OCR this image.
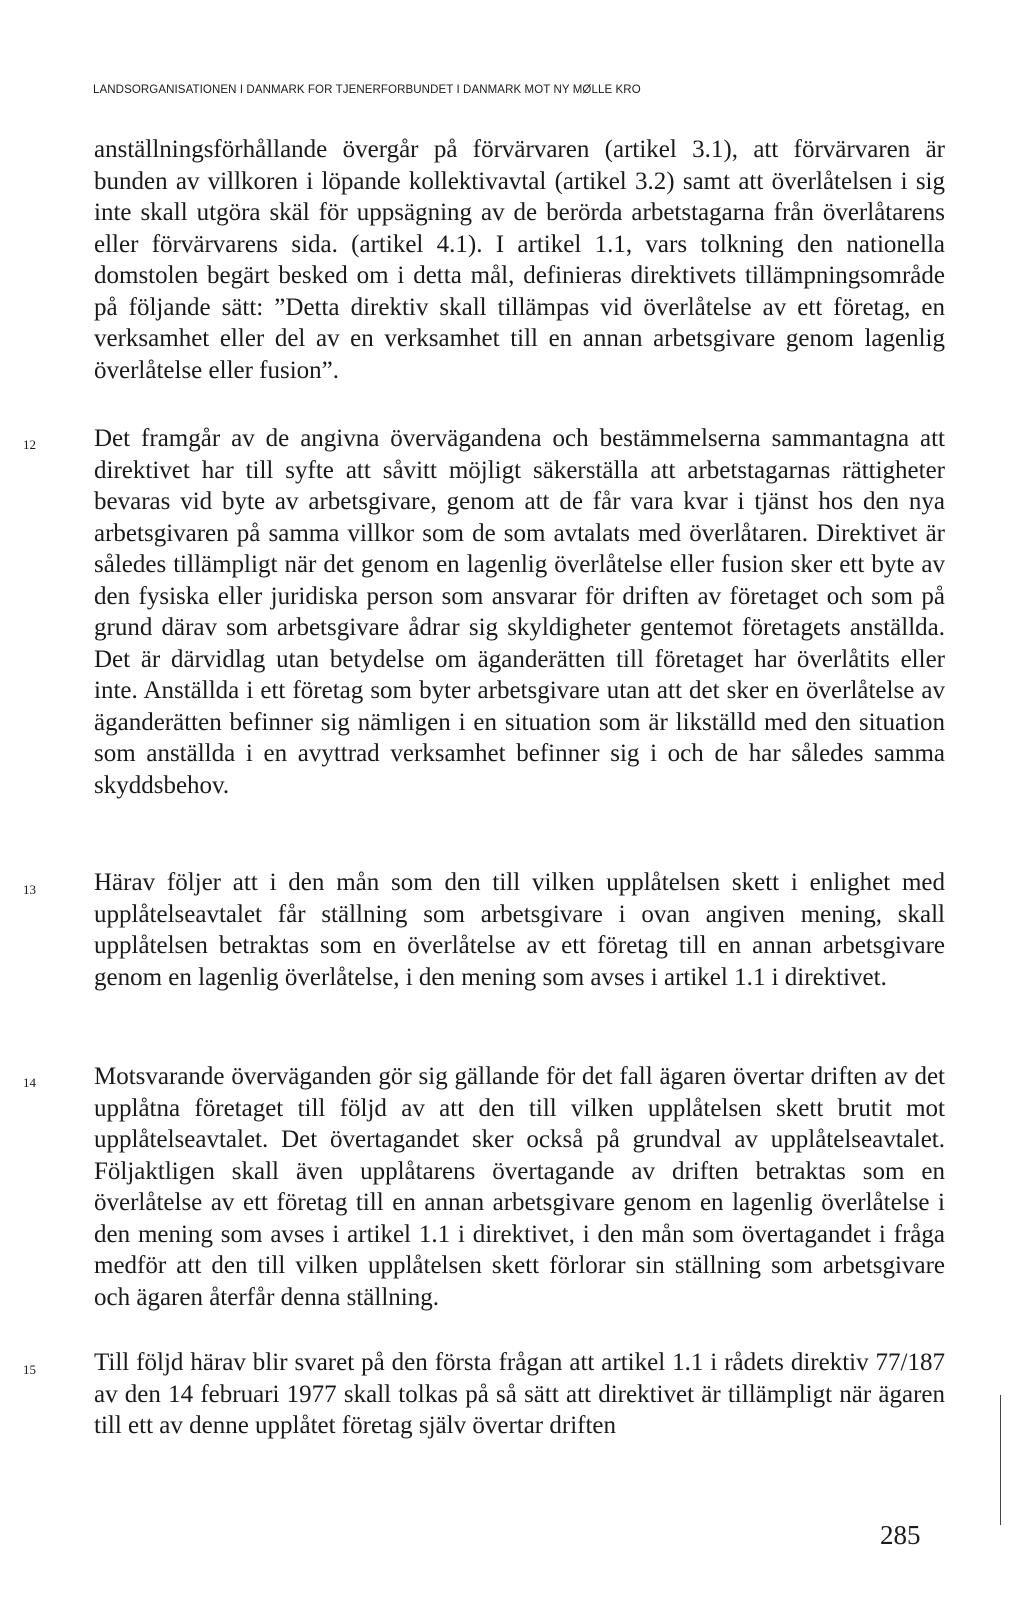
LANDSORGANISATIONEN I DANMARK FOR TJENERFORBUNDET I DANMARK MOT NY MØLLE KRO
anställningsförhållande övergår på förvärvaren (artikel 3.1), att förvärvaren är bunden av villkoren i löpande kollektivavtal (artikel 3.2) samt att överlåtelsen i sig inte skall utgöra skäl för uppsägning av de berörda arbetstagarna från överlåtarens eller förvärvarens sida. (artikel 4.1). I artikel 1.1, vars tolkning den nationella domstolen begärt besked om i detta mål, definieras direktivets tillämpningsområde på följande sätt: ”Detta direktiv skall tillämpas vid överlåtelse av ett företag, en verksamhet eller del av en verksamhet till en annan arbetsgivare genom lagenlig överlåtelse eller fusion”.
12 Det framgår av de angivna övervägandena och bestämmelserna sammantagna att direktivet har till syfte att såvitt möjligt säkerställa att arbetstagarnas rättigheter bevaras vid byte av arbetsgivare, genom att de får vara kvar i tjänst hos den nya arbetsgivaren på samma villkor som de som avtalats med överlåtaren. Direktivet är således tillämpligt när det genom en lagenlig överlåtelse eller fusion sker ett byte av den fysiska eller juridiska person som ansvarar för driften av företaget och som på grund därav som arbetsgivare ådrar sig skyldigheter gentemot företagets anställda. Det är därvidlag utan betydelse om äganderätten till företaget har överlåtits eller inte. Anställda i ett företag som byter arbetsgivare utan att det sker en överlåtelse av äganderätten befinner sig nämligen i en situation som är likställd med den situation som anställda i en avyttrad verksamhet befinner sig i och de har således samma skyddsbehov.
13 Härav följer att i den mån som den till vilken upplåtelsen skett i enlighet med upplåtelseavtalet får ställning som arbetsgivare i ovan angiven mening, skall upplåtelsen betraktas som en överlåtelse av ett företag till en annan arbetsgivare genom en lagenlig överlåtelse, i den mening som avses i artikel 1.1 i direktivet.
14 Motsvarande överväganden gör sig gällande för det fall ägaren övertar driften av det upplåtna företaget till följd av att den till vilken upplåtelsen skett brutit mot upplåtelseavtalet. Det övertagandet sker också på grundval av upplåtelseavtalet. Följaktligen skall även upplåtarens övertagande av driften betraktas som en överlåtelse av ett företag till en annan arbetsgivare genom en lagenlig överlåtelse i den mening som avses i artikel 1.1 i direktivet, i den mån som övertagandet i fråga medför att den till vilken upplåtelsen skett förlorar sin ställning som arbetsgivare och ägaren återfår denna ställning.
15 Till följd härav blir svaret på den första frågan att artikel 1.1 i rådets direktiv 77/187 av den 14 februari 1977 skall tolkas på så sätt att direktivet är tillämpligt när ägaren till ett av denne upplåtet företag själv övertar driften
285
